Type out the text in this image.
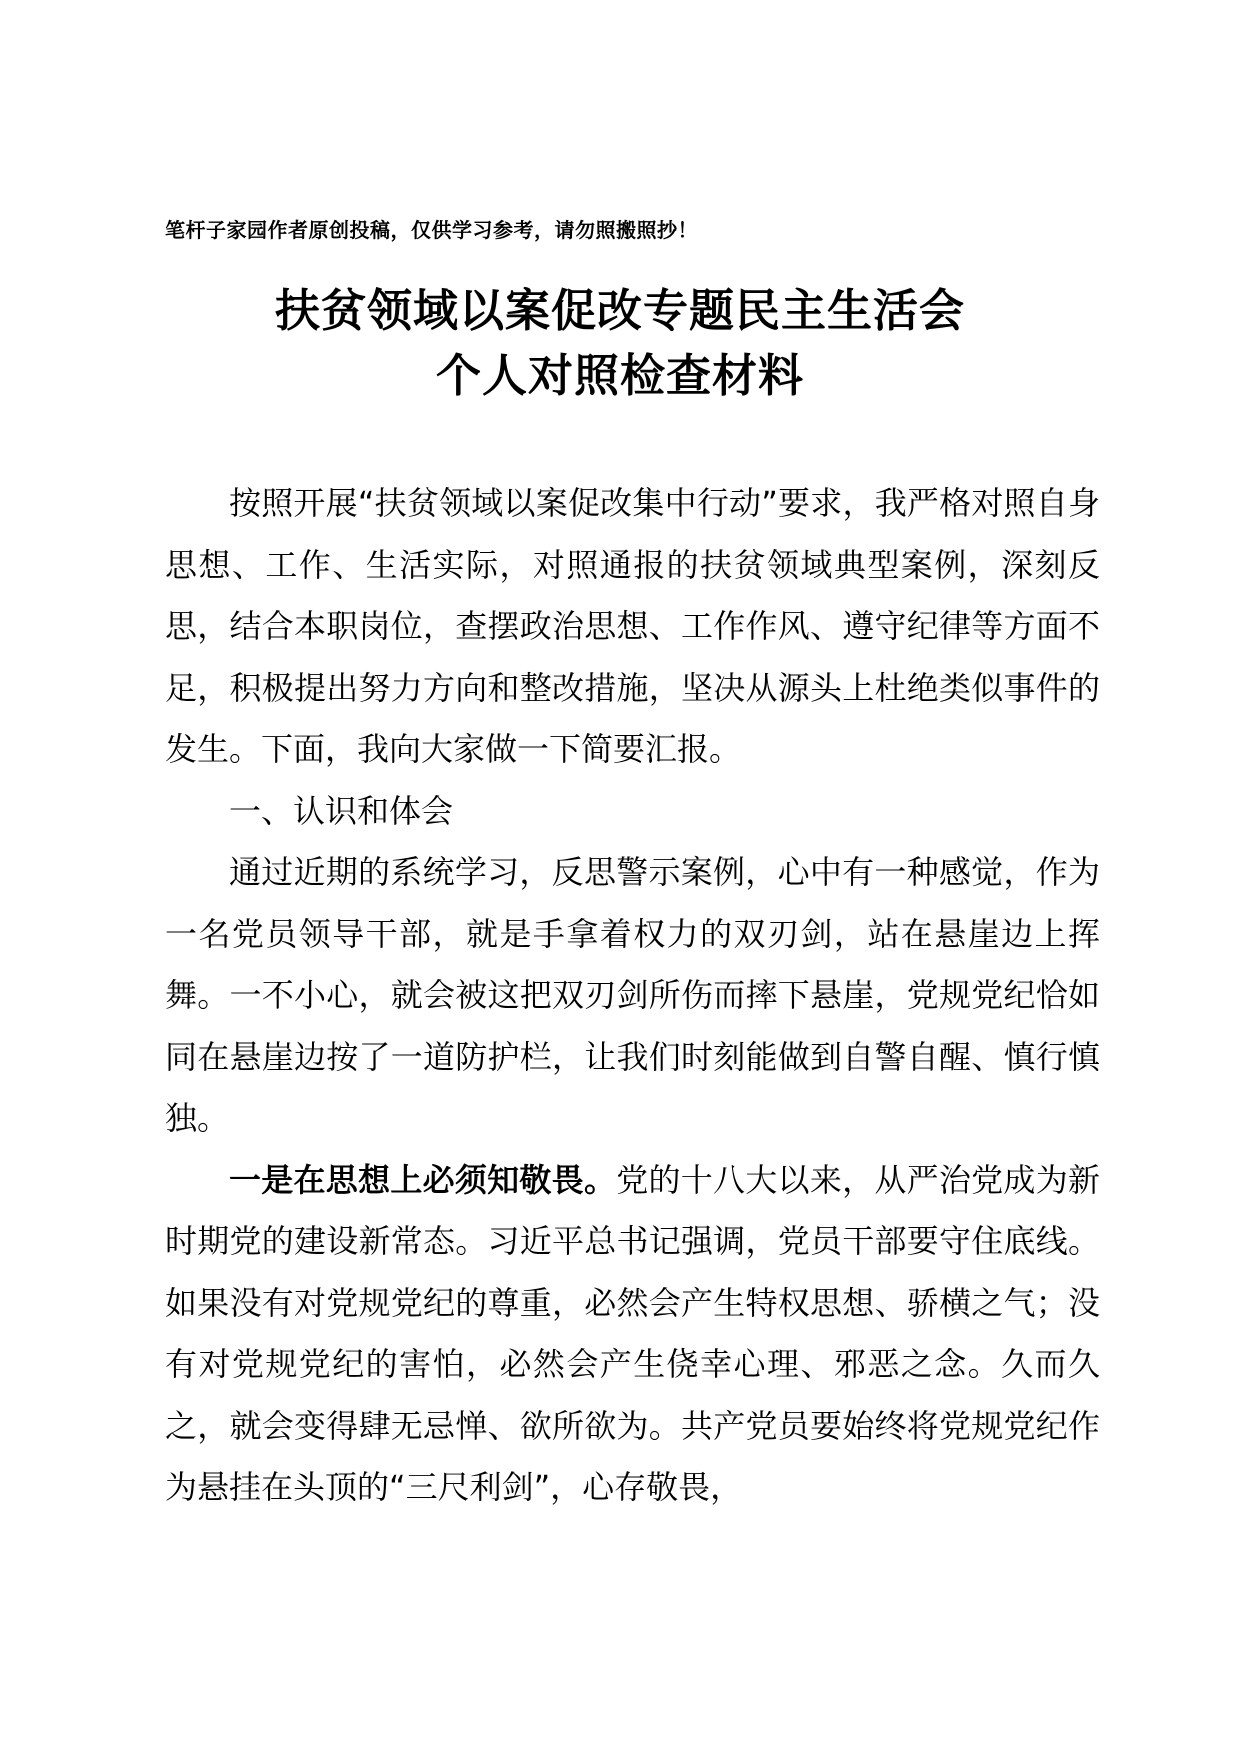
笔杆子家园作者原创投稿，仅供学习参考，请勿照搬照抄！
扶贫领域以案促改专题民主生活会
个人对照检查材料

按照开展“扶贫领域以案促改集中行动”要求，我严格对照自身思想、工作、生活实际，对照通报的扶贫领域典型案例，深刻反思，结合本职岗位，查摆政治思想、工作作风、遵守纪律等方面不足，积极提出努力方向和整改措施，坚决从源头上杜绝类似事件的发生。下面，我向大家做一下简要汇报。

一、认识和体会

通过近期的系统学习，反思警示案例，心中有一种感觉，作为一名党员领导干部，就是手拿着权力的双刃剑，站在悬崖边上挥舞。一不小心，就会被这把双刃剑所伤而摔下悬崖，党规党纪恰如同在悬崖边按了一道防护栏，让我们时刻能做到自警自醒、慎行慎独。

一是在思想上必须知敬畏。党的十八大以来，从严治党成为新时期党的建设新常态。习近平总书记强调，党员干部要守住底线。如果没有对党规党纪的尊重，必然会产生特权思想、骄横之气；没有对党规党纪的害怕，必然会产生侥幸心理、邪恶之念。久而久之，就会变得肆无忌惮、欲所欲为。共产党员要始终将党规党纪作为悬挂在头顶的“三尺利剑”，心存敬畏，
